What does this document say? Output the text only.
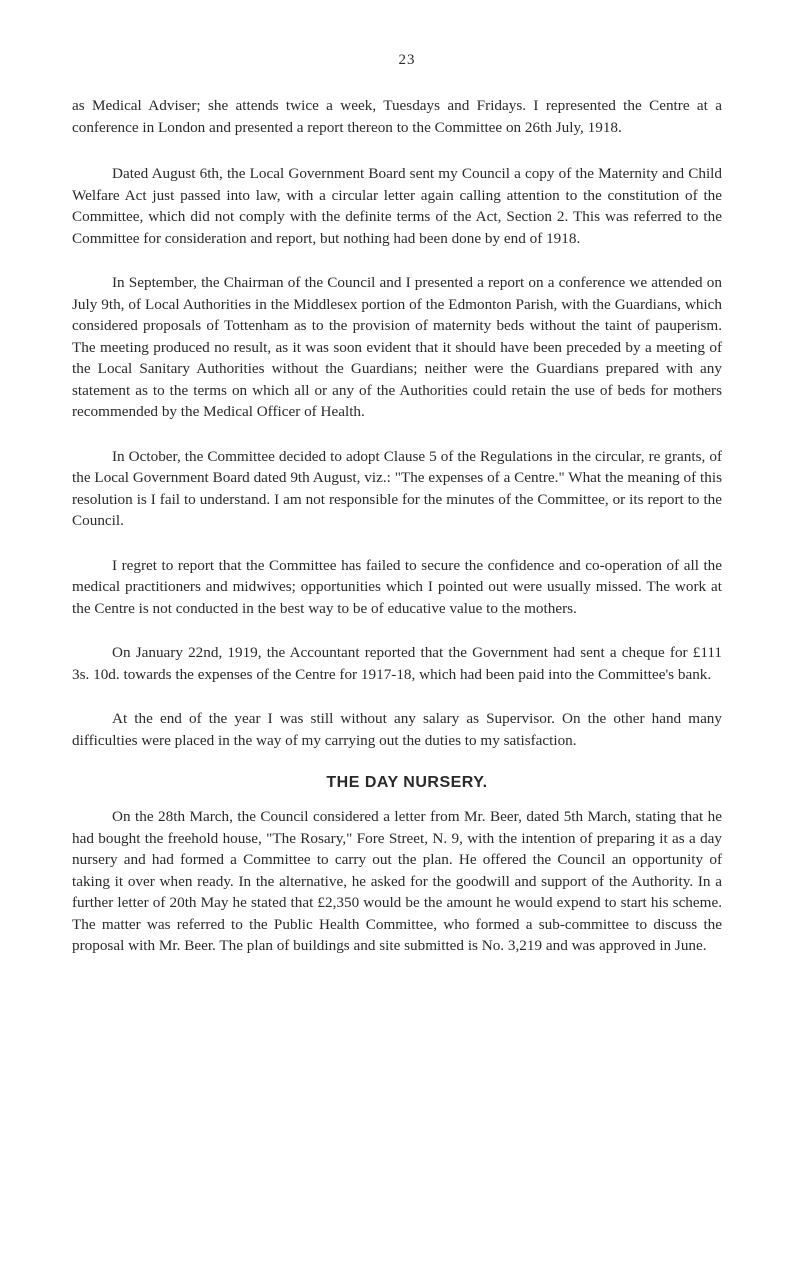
23

as Medical Adviser; she attends twice a week, Tuesdays and Fridays. I represented the Centre at a conference in London and presented a report thereon to the Committee on 26th July, 1918.

Dated August 6th, the Local Government Board sent my Council a copy of the Maternity and Child Welfare Act just passed into law, with a circular letter again calling attention to the constitution of the Committee, which did not comply with the definite terms of the Act, Section 2. This was referred to the Committee for consideration and report, but nothing had been done by end of 1918.

In September, the Chairman of the Council and I presented a report on a conference we attended on July 9th, of Local Authorities in the Middlesex portion of the Edmonton Parish, with the Guardians, which considered proposals of Tottenham as to the provision of maternity beds without the taint of pauperism. The meeting produced no result, as it was soon evident that it should have been preceded by a meeting of the Local Sanitary Authorities without the Guardians; neither were the Guardians prepared with any statement as to the terms on which all or any of the Authorities could retain the use of beds for mothers recommended by the Medical Officer of Health.

In October, the Committee decided to adopt Clause 5 of the Regulations in the circular, re grants, of the Local Government Board dated 9th August, viz.: "The expenses of a Centre." What the meaning of this resolution is I fail to understand. I am not responsible for the minutes of the Committee, or its report to the Council.

I regret to report that the Committee has failed to secure the confidence and co-operation of all the medical practitioners and midwives; opportunities which I pointed out were usually missed. The work at the Centre is not conducted in the best way to be of educative value to the mothers.

On January 22nd, 1919, the Accountant reported that the Government had sent a cheque for £111 3s. 10d. towards the expenses of the Centre for 1917-18, which had been paid into the Committee's bank.

At the end of the year I was still without any salary as Supervisor. On the other hand many difficulties were placed in the way of my carrying out the duties to my satisfaction.

THE DAY NURSERY.

On the 28th March, the Council considered a letter from Mr. Beer, dated 5th March, stating that he had bought the freehold house, "The Rosary," Fore Street, N. 9, with the intention of preparing it as a day nursery and had formed a Committee to carry out the plan. He offered the Council an opportunity of taking it over when ready. In the alternative, he asked for the goodwill and support of the Authority. In a further letter of 20th May he stated that £2,350 would be the amount he would expend to start his scheme. The matter was referred to the Public Health Committee, who formed a sub-committee to discuss the proposal with Mr. Beer. The plan of buildings and site submitted is No. 3,219 and was approved in June.
